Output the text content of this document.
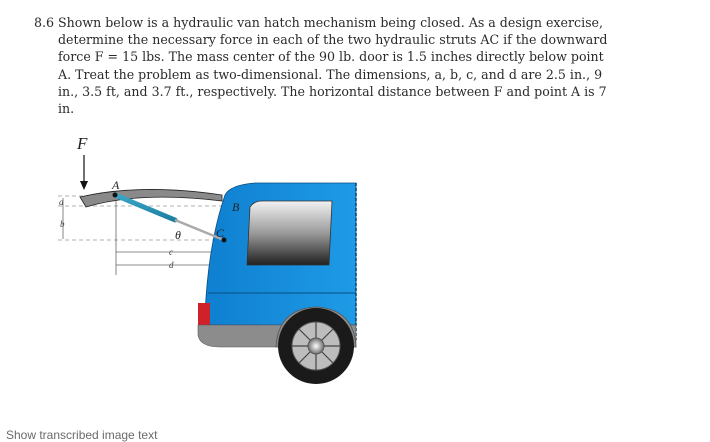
8.6 Shown below is a hydraulic van hatch mechanism being closed. As a design exercise,
determine the necessary force in each of the two hydraulic struts AC if the downward
force F = 15 lbs. The mass center of the 90 lb. door is 1.5 inches directly below point
A. Treat the problem as two-dimensional. The dimensions, a, b, c, and d are 2.5 in., 9
in., 3.5 ft, and 3.7 ft., respectively. The horizontal distance between F and point A is 7
in.
F
A
B
C
θ
a
b
c
d
Show transcribed image text
